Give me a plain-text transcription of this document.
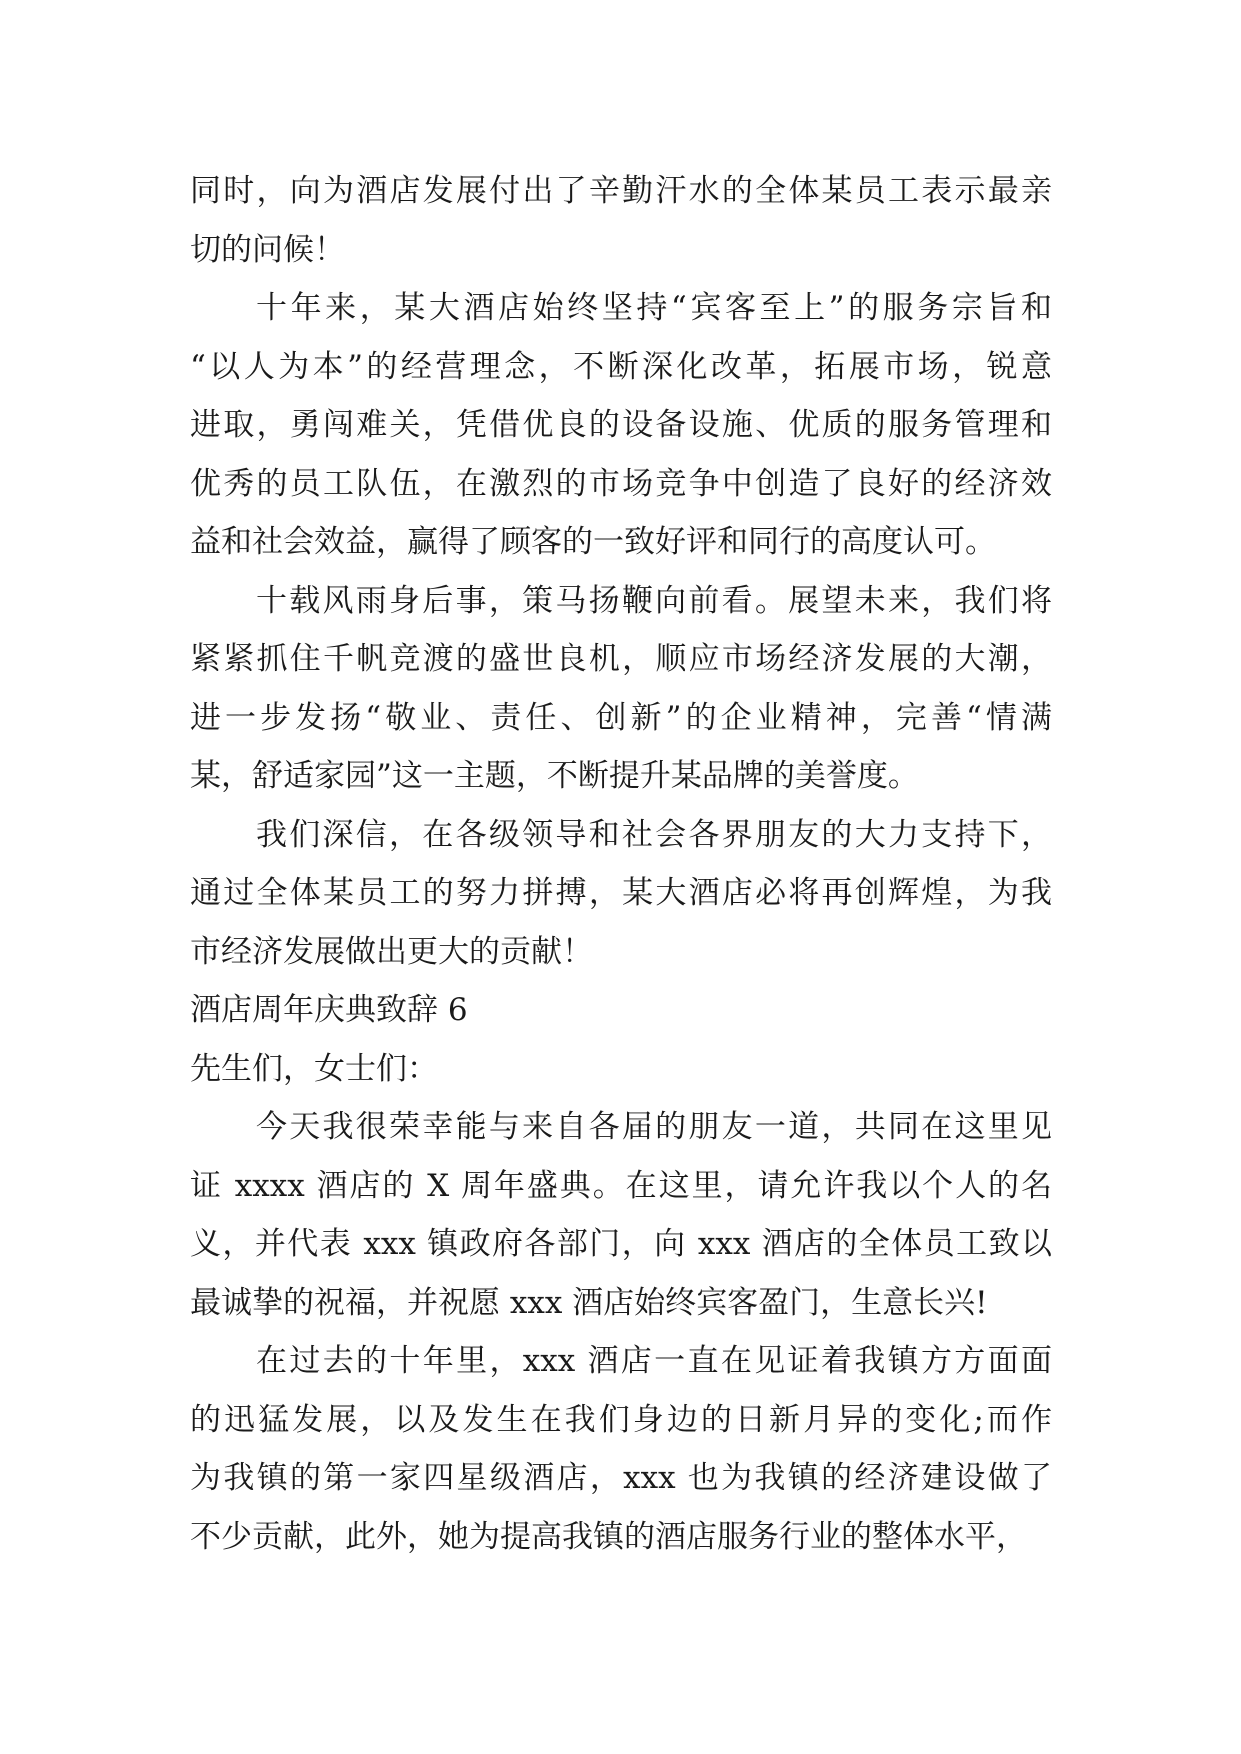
同时，向为酒店发展付出了辛勤汗水的全体某员工表示最亲
切的问候！
十年来，某大酒店始终坚持“宾客至上”的服务宗旨和
“以人为本”的经营理念，不断深化改革，拓展市场，锐意
进取，勇闯难关，凭借优良的设备设施、优质的服务管理和
优秀的员工队伍，在激烈的市场竞争中创造了良好的经济效
益和社会效益，赢得了顾客的一致好评和同行的高度认可。
十载风雨身后事，策马扬鞭向前看。展望未来，我们将
紧紧抓住千帆竞渡的盛世良机，顺应市场经济发展的大潮，
进一步发扬“敬业、责任、创新”的企业精神，完善“情满
某，舒适家园”这一主题，不断提升某品牌的美誉度。
我们深信，在各级领导和社会各界朋友的大力支持下，
通过全体某员工的努力拼搏，某大酒店必将再创辉煌，为我
市经济发展做出更大的贡献！
酒店周年庆典致辞 6
先生们，女士们：
今天我很荣幸能与来自各届的朋友一道，共同在这里见
证 xxxx 酒店的 X 周年盛典。在这里，请允许我以个人的名
义，并代表 xxx 镇政府各部门，向 xxx 酒店的全体员工致以
最诚挚的祝福，并祝愿 xxx 酒店始终宾客盈门，生意长兴!
在过去的十年里，xxx 酒店一直在见证着我镇方方面面
的迅猛发展，以及发生在我们身边的日新月异的变化;而作
为我镇的第一家四星级酒店，xxx 也为我镇的经济建设做了
不少贡献，此外，她为提高我镇的酒店服务行业的整体水平，
